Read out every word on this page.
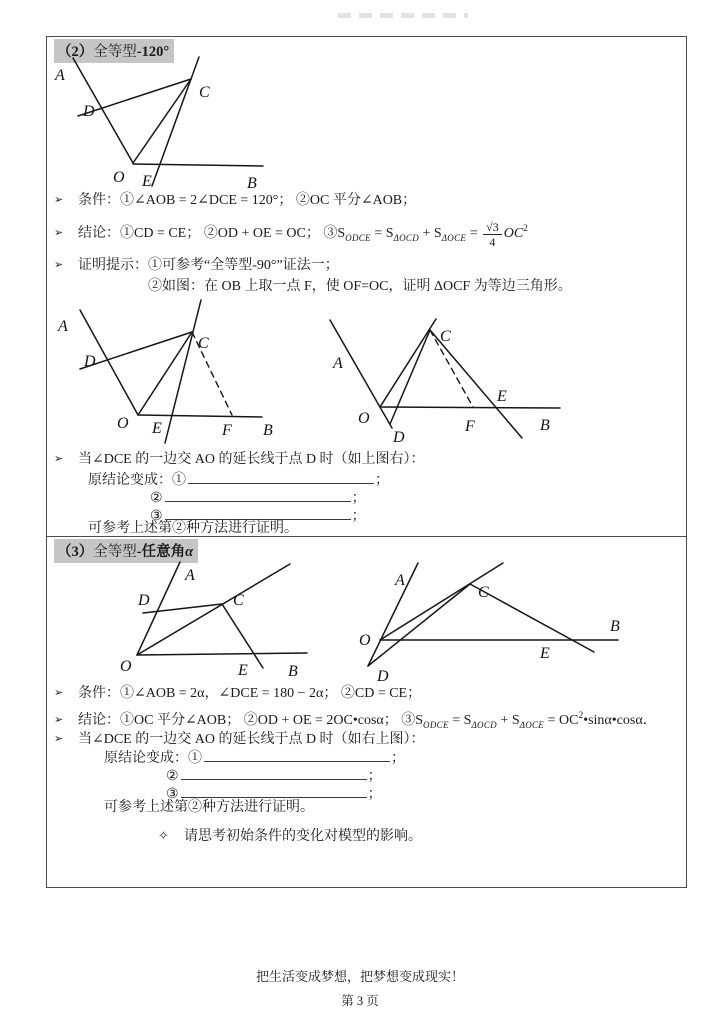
（2）全等型-120°
A
D
C
O E	B
➢ 条件：①∠AOB = 2∠DCE = 120°； ②OC 平分∠AOB；
➢ 结论：①CD = CE； ②OD + OE = OC； $③S_{ODCE} = S_{\Delta OCD} + S_{\Delta OCE} = \frac{√3}{4} OC^2$
➢ 证明提示：①可参考“全等型-90°”证法一；
②如图：在 OB 上取一点 F，使 OF=OC，证明 ΔOCF 为等边三角形。
A
D
C
O E	F B
A
O
D
C
E
F	B
➢ 当∠DCE 的一边交 AO 的延长线于点 D 时（如上图右）：
原结论变成：①	；
②	；
③	；
可参考上述第②种方法进行证明。
（3）全等型-任意角α
A
D	C
O	E	B
A
O
D
C
E
B
➢ 条件：①∠AOB = 2α，∠DCE = 180 − 2α； ②CD = CE；
➢ 结论：①OC 平分∠AOB； ②OD + OE = 2OC•cosα； $③S_{ODCE} = S_{\Delta OCD} + S_{\Delta OCE}$ = $OC^2•\sin\alpha•\cos\alpha$．
➢ 当∠DCE 的一边交 AO 的延长线于点 D 时（如右上图）：
原结论变成：①	；
②	；
③	；
可参考上述第②种方法进行证明。
✧ 请思考初始条件的变化对模型的影响。
把生活变成梦想，把梦想变成现实！
第 3 页
